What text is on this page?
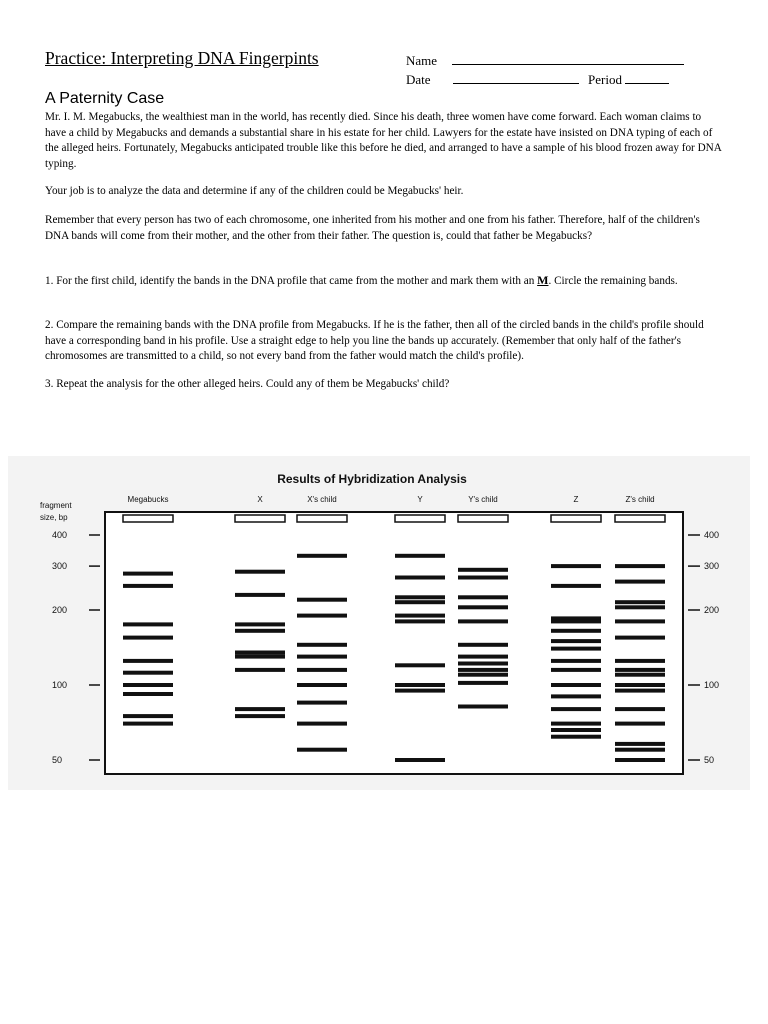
Practice: Interpreting DNA Fingerpints	Name
Date	Period
A Paternity Case

Mr. I. M. Megabucks, the wealthiest man in the world, has recently died. Since his death, three women have come forward. Each woman claims to have a child by Megabucks and demands a substantial share in his estate for her child. Lawyers for the estate have insisted on DNA typing of each of the alleged heirs. Fortunately, Megabucks anticipated trouble like this before he died, and arranged to have a sample of his blood frozen away for DNA typing.

Your job is to analyze the data and determine if any of the children could be Megabucks' heir.

Remember that every person has two of each chromosome, one inherited from his mother and one from his father. Therefore, half of the children's DNA bands will come from their mother, and the other from their father. The question is, could that father be Megabucks?

1. For the first child, identify the bands in the DNA profile that came from the mother and mark them with an M. Circle the remaining bands.

2. Compare the remaining bands with the DNA profile from Megabucks. If he is the father, then all of the circled bands in the child's profile should have a corresponding band in his profile. Use a straight edge to help you line the bands up accurately. (Remember that only half of the father's chromosomes are transmitted to a child, so not every band from the father would match the child's profile).

3. Repeat the analysis for the other alleged heirs. Could any of them be Megabucks' child?

Results of Hybridization Analysis
fragment
size, bp
Megabucks	X	X's child	Y	Y's child	Z	Z's child
400
300
200
100
50
400
300
200
100
50
